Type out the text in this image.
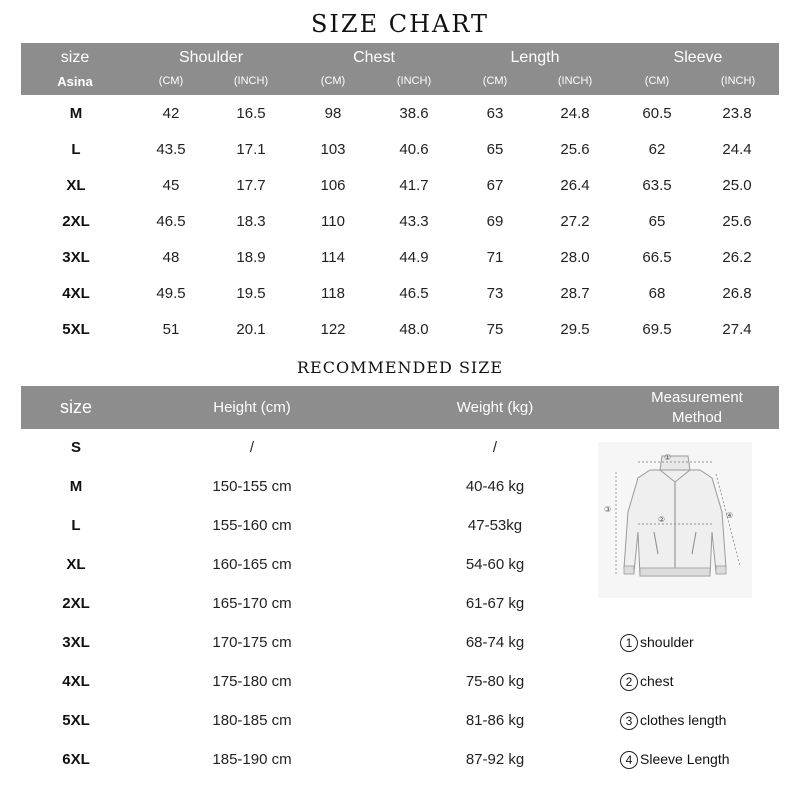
SIZE CHART
size
Asina
Shoulder	Chest	Length	Sleeve
(CM)	(INCH)	(CM)	(INCH)	(CM)	(INCH)	(CM)	(INCH)
M	42	16.5	98	38.6	63	24.8	60.5	23.8
L	43.5	17.1	103	40.6	65	25.6	62	24.4
XL	45	17.7	106	41.7	67	26.4	63.5	25.0
2XL	46.5	18.3	110	43.3	69	27.2	65	25.6
3XL	48	18.9	114	44.9	71	28.0	66.5	26.2
4XL	49.5	19.5	118	46.5	73	28.7	68	26.8
5XL	51	20.1	122	48.0	75	29.5	69.5	27.4
RECOMMENDED SIZE
size	Height (cm)	Weight (kg)
Measurement
Method
S	/	/
M	150-155 cm	40-46 kg
L	155-160 cm	47-53kg
XL	160-165 cm	54-60 kg
2XL	165-170 cm	61-67 kg
3XL	170-175 cm	68-74 kg
4XL	175-180 cm	75-80 kg
5XL	180-185 cm	81-86 kg
6XL	185-190 cm	87-92 kg
①
②
③
④
1 shoulder
2 chest
3 clothes length
4 Sleeve Length
